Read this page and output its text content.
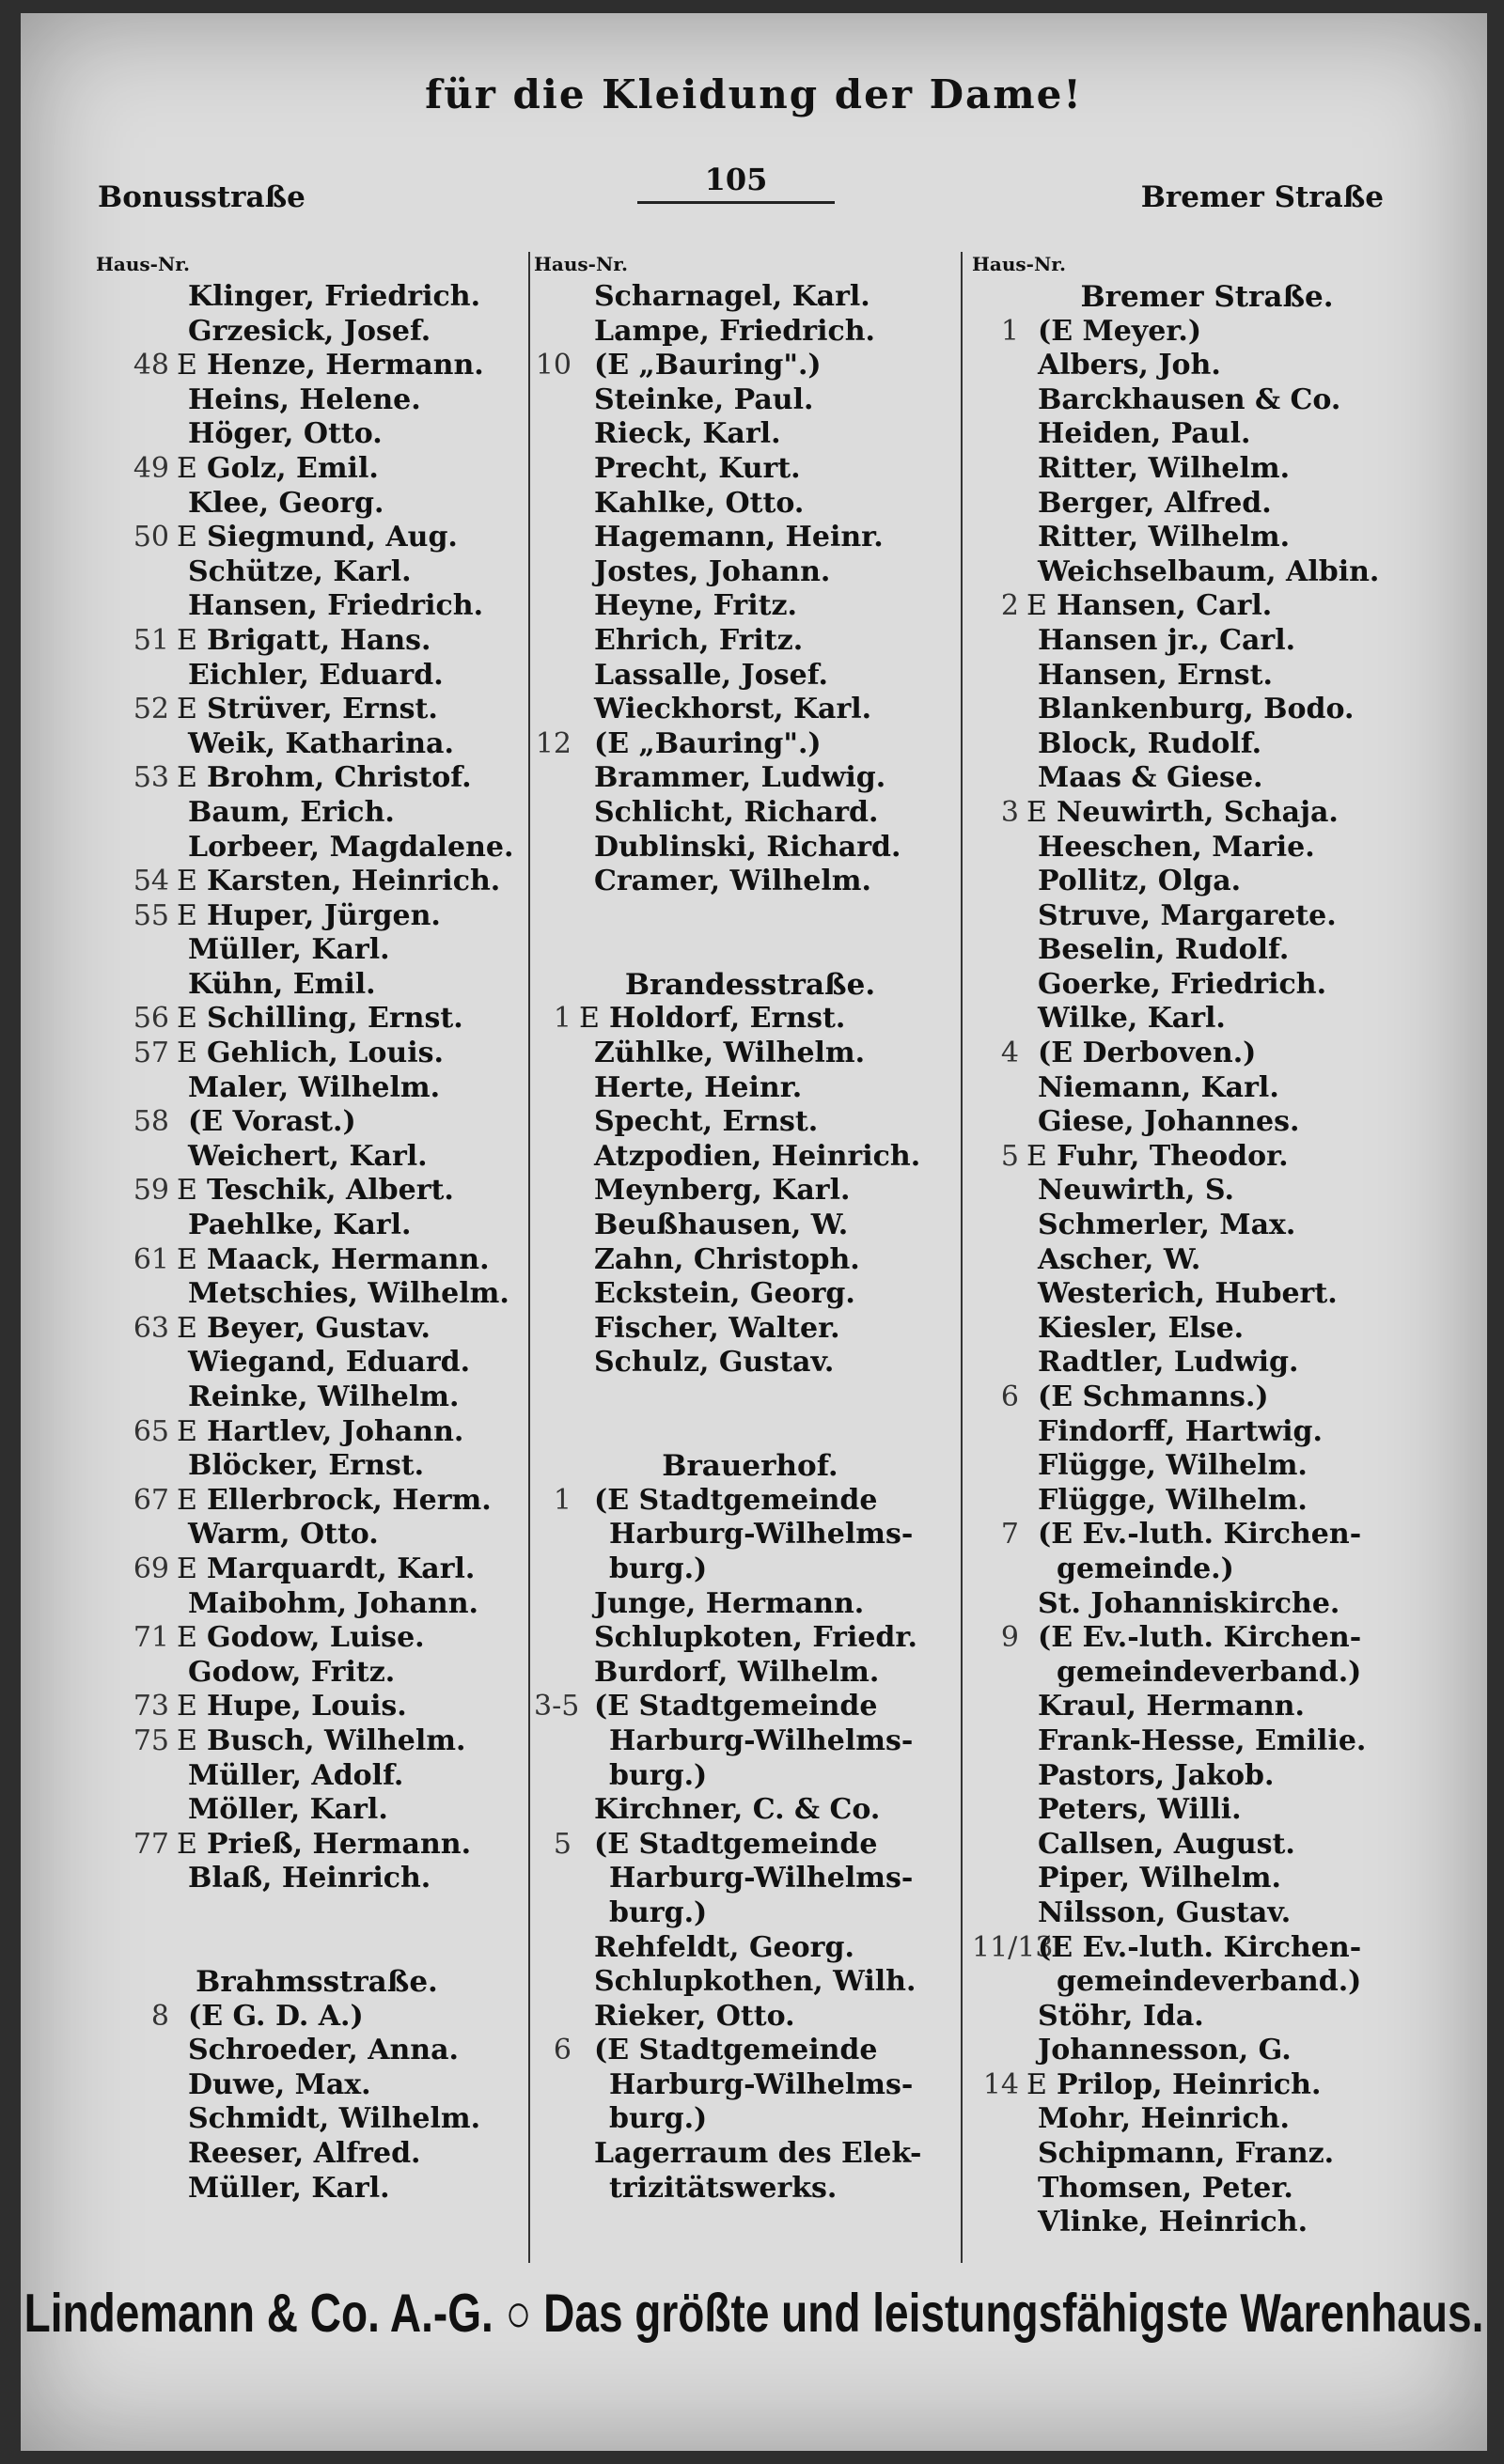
für die Kleidung der Dame!
Bonusstraße	105	Bremer Straße
Haus-Nr.
Klinger, Friedrich.
Grzesick, Josef.
48 E Henze, Hermann.
Heins, Helene.
Höger, Otto.
49 E Golz, Emil.
Klee, Georg.
50 E Siegmund, Aug.
Schütze, Karl.
Hansen, Friedrich.
51 E Brigatt, Hans.
Eichler, Eduard.
52 E Strüver, Ernst.
Weik, Katharina.
53 E Brohm, Christof.
Baum, Erich.
Lorbeer, Magdalene.
54 E Karsten, Heinrich.
55 E Huper, Jürgen.
Müller, Karl.
Kühn, Emil.
56 E Schilling, Ernst.
57 E Gehlich, Louis.
Maler, Wilhelm.
58 (E Vorast.)
Weichert, Karl.
59 E Teschik, Albert.
Paehlke, Karl.
61 E Maack, Hermann.
Metschies, Wilhelm.
63 E Beyer, Gustav.
Wiegand, Eduard.
Reinke, Wilhelm.
65 E Hartlev, Johann.
Blöcker, Ernst.
67 E Ellerbrock, Herm.
Warm, Otto.
69 E Marquardt, Karl.
Maibohm, Johann.
71 E Godow, Luise.
Godow, Fritz.
73 E Hupe, Louis.
75 E Busch, Wilhelm.
Müller, Adolf.
Möller, Karl.
77 E Prieß, Hermann.
Blaß, Heinrich.
Brahmsstraße.
8 (E G. D. A.)
Schroeder, Anna.
Duwe, Max.
Schmidt, Wilhelm.
Reeser, Alfred.
Müller, Karl.
Haus-Nr.
Scharnagel, Karl.
Lampe, Friedrich.
10 (E „Bauring".)
Steinke, Paul.
Rieck, Karl.
Precht, Kurt.
Kahlke, Otto.
Hagemann, Heinr.
Jostes, Johann.
Heyne, Fritz.
Ehrich, Fritz.
Lassalle, Josef.
Wieckhorst, Karl.
12 (E „Bauring".)
Brammer, Ludwig.
Schlicht, Richard.
Dublinski, Richard.
Cramer, Wilhelm.
Brandesstraße.
1 E Holdorf, Ernst.
Zühlke, Wilhelm.
Herte, Heinr.
Specht, Ernst.
Atzpodien, Heinrich.
Meynberg, Karl.
Beußhausen, W.
Zahn, Christoph.
Eckstein, Georg.
Fischer, Walter.
Schulz, Gustav.
Brauerhof.
1 (E Stadtgemeinde
Harburg-Wilhelms-
burg.)
Junge, Hermann.
Schlupkoten, Friedr.
Burdorf, Wilhelm.
3-5 (E Stadtgemeinde
Harburg-Wilhelms-
burg.)
Kirchner, C. & Co.
5 (E Stadtgemeinde
Harburg-Wilhelms-
burg.)
Rehfeldt, Georg.
Schlupkothen, Wilh.
Rieker, Otto.
6 (E Stadtgemeinde
Harburg-Wilhelms-
burg.)
Lagerraum des Elek-
trizitätswerks.
Haus-Nr.
Bremer Straße.
1 (E Meyer.)
Albers, Joh.
Barckhausen & Co.
Heiden, Paul.
Ritter, Wilhelm.
Berger, Alfred.
Ritter, Wilhelm.
Weichselbaum, Albin.
2 E Hansen, Carl.
Hansen jr., Carl.
Hansen, Ernst.
Blankenburg, Bodo.
Block, Rudolf.
Maas & Giese.
3 E Neuwirth, Schaja.
Heeschen, Marie.
Pollitz, Olga.
Struve, Margarete.
Beselin, Rudolf.
Goerke, Friedrich.
Wilke, Karl.
4 (E Derboven.)
Niemann, Karl.
Giese, Johannes.
5 E Fuhr, Theodor.
Neuwirth, S.
Schmerler, Max.
Ascher, W.
Westerich, Hubert.
Kiesler, Else.
Radtler, Ludwig.
6 (E Schmanns.)
Findorff, Hartwig.
Flügge, Wilhelm.
Flügge, Wilhelm.
7 (E Ev.-luth. Kirchen-
gemeinde.)
St. Johanniskirche.
9 (E Ev.-luth. Kirchen-
gemeindeverband.)
Kraul, Hermann.
Frank-Hesse, Emilie.
Pastors, Jakob.
Peters, Willi.
Callsen, August.
Piper, Wilhelm.
Nilsson, Gustav.
11/13
(E Ev.-luth. Kirchen-
gemeindeverband.)
Stöhr, Ida.
Johannesson, G.
14 E Prilop, Heinrich.
Mohr, Heinrich.
Schipmann, Franz.
Thomsen, Peter.
Vlinke, Heinrich.
Lindemann & Co. A.-G. ○ Das größte und leistungsfähigste Warenhaus.
